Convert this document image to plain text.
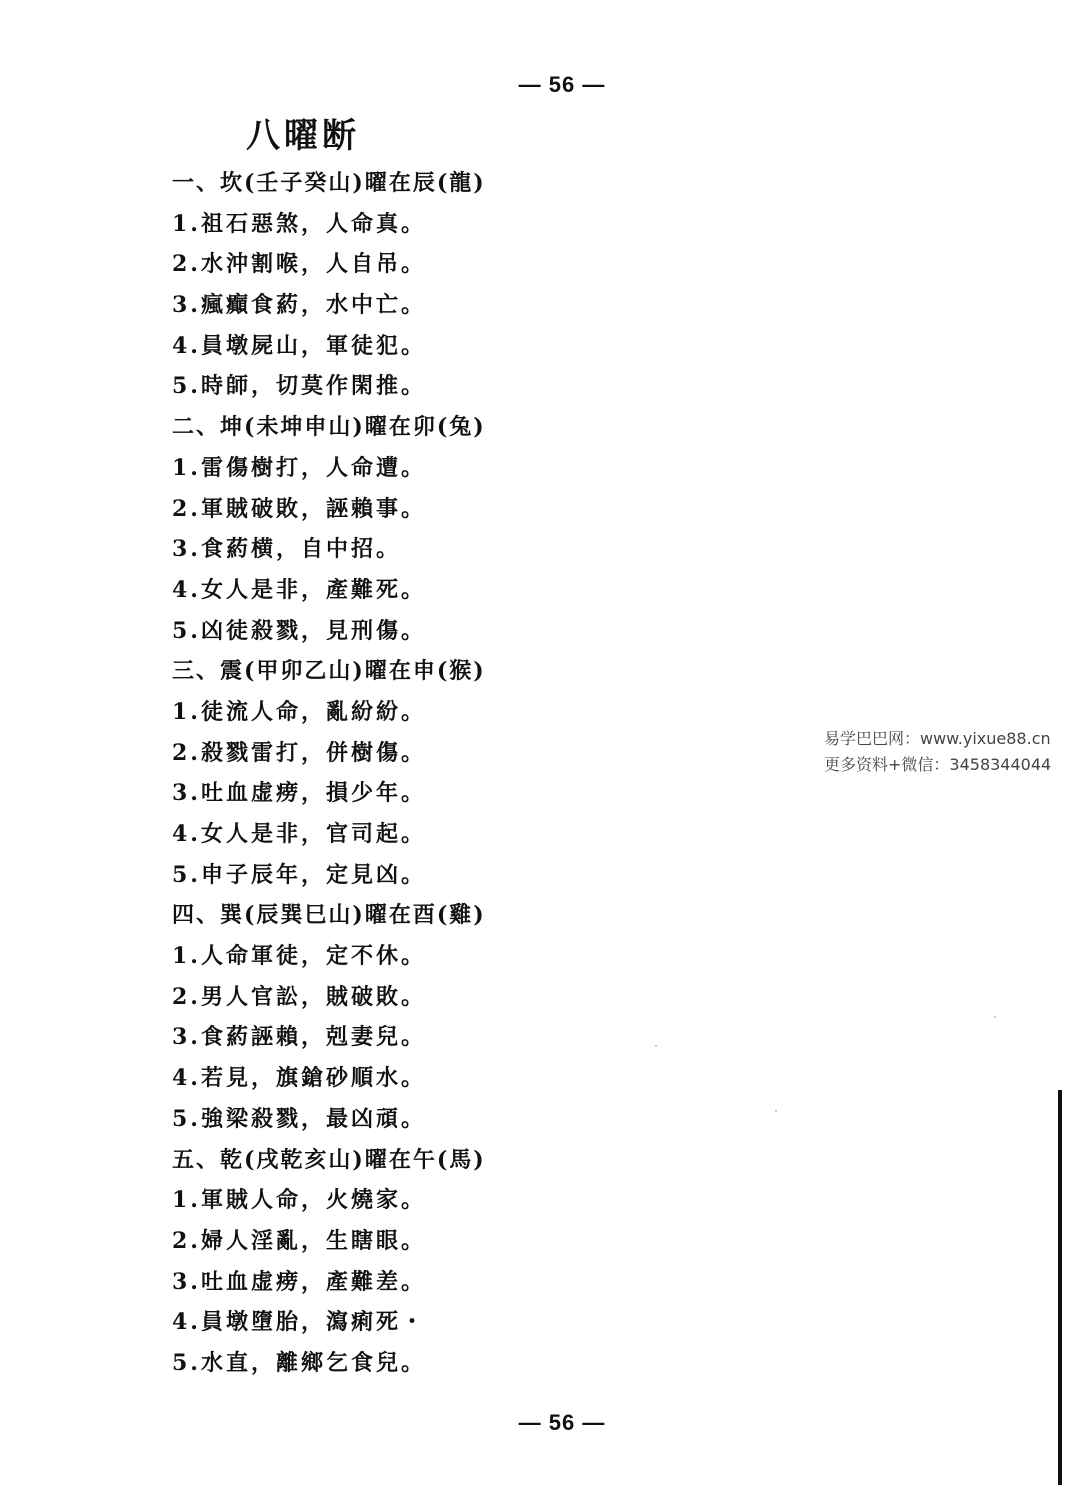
— 56 —
八曜断
一、坎(壬子癸山)曜在辰(龍)
1.祖石惡煞，人命真。
2.水沖割喉，人自吊。
3.瘋癲食葯，水中亡。
4.員墩屍山，軍徒犯。
5.時師，切莫作閑推。
二、坤(未坤申山)曜在卯(兔)
1.雷傷樹打，人命遭。
2.軍賊破敗，誣賴事。
3.食葯横，自中招。
4.女人是非，產難死。
5.凶徒殺戮，見刑傷。
三、震(甲卯乙山)曜在申(猴)
1.徒流人命，亂紛紛。
2.殺戮雷打，併樹傷。
3.吐血虚痨，損少年。
4.女人是非，官司起。
5.申子辰年，定見凶。
四、巽(辰巽巳山)曜在酉(雞)
1.人命軍徒，定不休。
2.男人官訟，賊破敗。
3.食葯誣賴，剋妻兒。
4.若見，旗鎗砂順水。
5.強梁殺戮，最凶頑。
五、乾(戌乾亥山)曜在午(馬)
1.軍賊人命，火燒家。
2.婦人淫亂，生瞎眼。
3.吐血虚痨，產難差。
4.員墩墮胎，瀉痢死・
5.水直，離鄉乞食兒。
易学巴巴网：www.yixue88.cn
更多资料+微信：3458344044
— 56 —
